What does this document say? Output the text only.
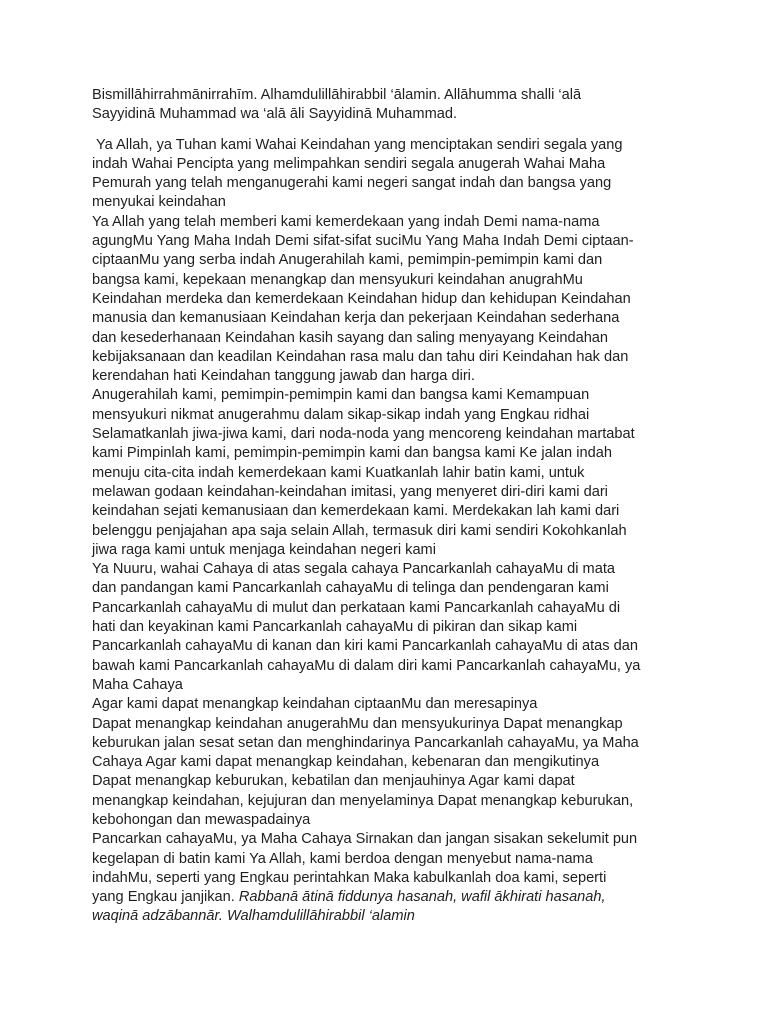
Bismillāhirrahmānirrahīm. Alhamdulillāhirabbil ‘ālamin. Allāhumma shalli ‘alā
Sayyidinā Muhammad wa ‘alā āli Sayyidinā Muhammad.

Ya Allah, ya Tuhan kami Wahai Keindahan yang menciptakan sendiri segala yang
indah Wahai Pencipta yang melimpahkan sendiri segala anugerah Wahai Maha
Pemurah yang telah menganugerahi kami negeri sangat indah dan bangsa yang
menyukai keindahan
Ya Allah yang telah memberi kami kemerdekaan yang indah Demi nama-nama
agungMu Yang Maha Indah Demi sifat-sifat suciMu Yang Maha Indah Demi ciptaan-
ciptaanMu yang serba indah Anugerahilah kami, pemimpin-pemimpin kami dan
bangsa kami, kepekaan menangkap dan mensyukuri keindahan anugrahMu
Keindahan merdeka dan kemerdekaan Keindahan hidup dan kehidupan Keindahan
manusia dan kemanusiaan Keindahan kerja dan pekerjaan Keindahan sederhana
dan kesederhanaan Keindahan kasih sayang dan saling menyayang Keindahan
kebijaksanaan dan keadilan Keindahan rasa malu dan tahu diri Keindahan hak dan
kerendahan hati Keindahan tanggung jawab dan harga diri.
Anugerahilah kami, pemimpin-pemimpin kami dan bangsa kami Kemampuan
mensyukuri nikmat anugerahmu dalam sikap-sikap indah yang Engkau ridhai
Selamatkanlah jiwa-jiwa kami, dari noda-noda yang mencoreng keindahan martabat
kami Pimpinlah kami, pemimpin-pemimpin kami dan bangsa kami Ke jalan indah
menuju cita-cita indah kemerdekaan kami Kuatkanlah lahir batin kami, untuk
melawan godaan keindahan-keindahan imitasi, yang menyeret diri-diri kami dari
keindahan sejati kemanusiaan dan kemerdekaan kami. Merdekakan lah kami dari
belenggu penjajahan apa saja selain Allah, termasuk diri kami sendiri Kokohkanlah
jiwa raga kami untuk menjaga keindahan negeri kami
Ya Nuuru, wahai Cahaya di atas segala cahaya Pancarkanlah cahayaMu di mata
dan pandangan kami Pancarkanlah cahayaMu di telinga dan pendengaran kami
Pancarkanlah cahayaMu di mulut dan perkataan kami Pancarkanlah cahayaMu di
hati dan keyakinan kami Pancarkanlah cahayaMu di pikiran dan sikap kami
Pancarkanlah cahayaMu di kanan dan kiri kami Pancarkanlah cahayaMu di atas dan
bawah kami Pancarkanlah cahayaMu di dalam diri kami Pancarkanlah cahayaMu, ya
Maha Cahaya
Agar kami dapat menangkap keindahan ciptaanMu dan meresapinya
Dapat menangkap keindahan anugerahMu dan mensyukurinya Dapat menangkap
keburukan jalan sesat setan dan menghindarinya Pancarkanlah cahayaMu, ya Maha
Cahaya Agar kami dapat menangkap keindahan, kebenaran dan mengikutinya
Dapat menangkap keburukan, kebatilan dan menjauhinya Agar kami dapat
menangkap keindahan, kejujuran dan menyelaminya Dapat menangkap keburukan,
kebohongan dan mewaspadainya
Pancarkan cahayaMu, ya Maha Cahaya Sirnakan dan jangan sisakan sekelumit pun
kegelapan di batin kami Ya Allah, kami berdoa dengan menyebut nama-nama
indahMu, seperti yang Engkau perintahkan Maka kabulkanlah doa kami, seperti
yang Engkau janjikan. Rabbanā ātinā fiddunya hasanah, wafil ākhirati hasanah,
waqinā adzābannār. Walhamdulillāhirabbil ‘alamin
